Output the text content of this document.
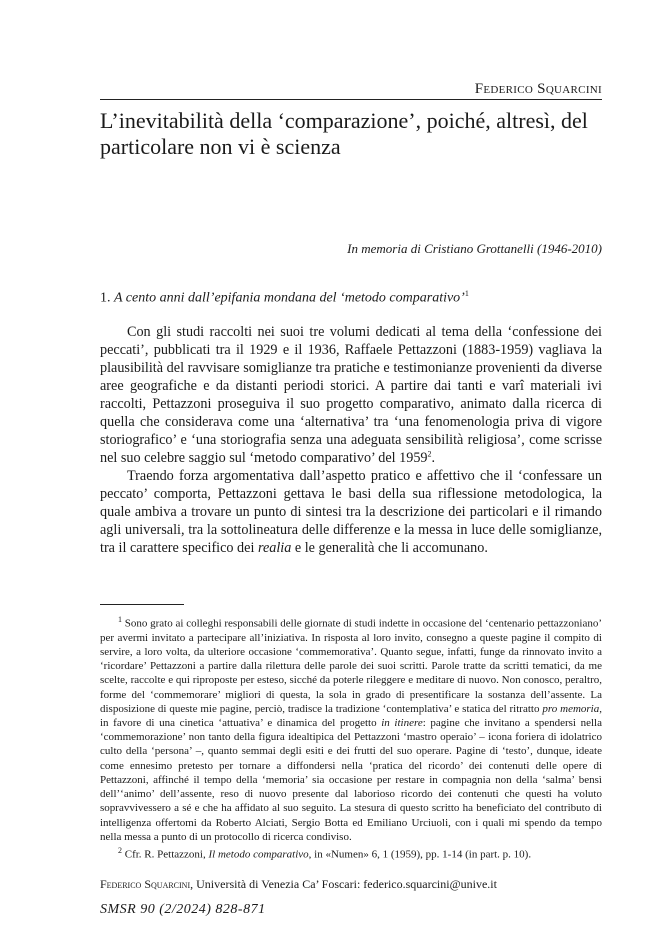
Federico Squarcini
L’inevitabilità della ‘comparazione’, poiché, altresì, del particolare non vi è scienza
In memoria di Cristiano Grottanelli (1946-2010)
1. A cento anni dall’epifania mondana del ‘metodo comparativo’$^1$

Con gli studi raccolti nei suoi tre volumi dedicati al tema della ‘confessione dei peccati’, pubblicati tra il 1929 e il 1936, Raffaele Pettazzoni (1883-1959) vagliava la plausibilità del ravvisare somiglianze tra pratiche e testimonianze provenienti da diverse aree geografiche e da distanti periodi storici. A partire dai tanti e varî materiali ivi raccolti, Pettazzoni proseguiva il suo progetto comparativo, animato dalla ricerca di quella che considerava come una ‘alternativa’ tra ‘una fenomenologia priva di vigore storiografico’ e ‘una storiografia senza una adeguata sensibilità religiosa’, come scrisse nel suo celebre saggio sul ‘metodo comparativo’ del 1959$^2$.

Traendo forza argomentativa dall’aspetto pratico e affettivo che il ‘confessare un peccato’ comporta, Pettazzoni gettava le basi della sua riflessione metodologica, la quale ambiva a trovare un punto di sintesi tra la descrizione dei particolari e il rimando agli universali, tra la sottolineatura delle differenze e la messa in luce delle somiglianze, tra il carattere specifico dei realia e le generalità che li accomunano.

$^1$ Sono grato ai colleghi responsabili delle giornate di studi indette in occasione del ‘centenario pettazzoniano’ per avermi invitato a partecipare all’iniziativa. In risposta al loro invito, consegno a queste pagine il compito di servire, a loro volta, da ulteriore occasione ‘commemorativa’. Quanto segue, infatti, funge da rinnovato invito a ‘ricordare’ Pettazzoni a partire dalla rilettura delle parole dei suoi scritti. Parole tratte da scritti tematici, da me scelte, raccolte e qui riproposte per esteso, sicché da poterle rileggere e meditare di nuovo. Non conosco, peraltro, forme del ‘commemorare’ migliori di questa, la sola in grado di presentificare la sostanza dell’assente. La disposizione di queste mie pagine, perciò, tradisce la tradizione ‘contemplativa’ e statica del ritratto pro memoria, in favore di una cinetica ‘attuativa’ e dinamica del progetto in itinere: pagine che invitano a spendersi nella ‘commemorazione’ non tanto della figura idealtipica del Pettazzoni ‘mastro operaio’ – icona foriera di idolatrico culto della ‘persona’ –, quanto semmai degli esiti e dei frutti del suo operare. Pagine di ‘testo’, dunque, ideate come ennesimo pretesto per tornare a diffondersi nella ‘pratica del ricordo’ dei contenuti delle opere di Pettazzoni, affinché il tempo della ‘memoria’ sia occasione per restare in compagnia non della ‘salma’ bensì dell’‘animo’ dell’assente, reso di nuovo presente dal laborioso ricordo dei contenuti che questi ha voluto sopravvivessero a sé e che ha affidato al suo seguito. La stesura di questo scritto ha beneficiato del contributo di intelligenza offertomi da Roberto Alciati, Sergio Botta ed Emiliano Urciuoli, con i quali mi spendo da tempo nella messa a punto di un protocollo di ricerca condiviso.

$^2$ Cfr. R. Pettazzoni, Il metodo comparativo, in «Numen» 6, 1 (1959), pp. 1-14 (in part. p. 10).

Federico Squarcini, Università di Venezia Ca’ Foscari: federico.squarcini@unive.it
SMSR 90 (2/2024) 828-871
